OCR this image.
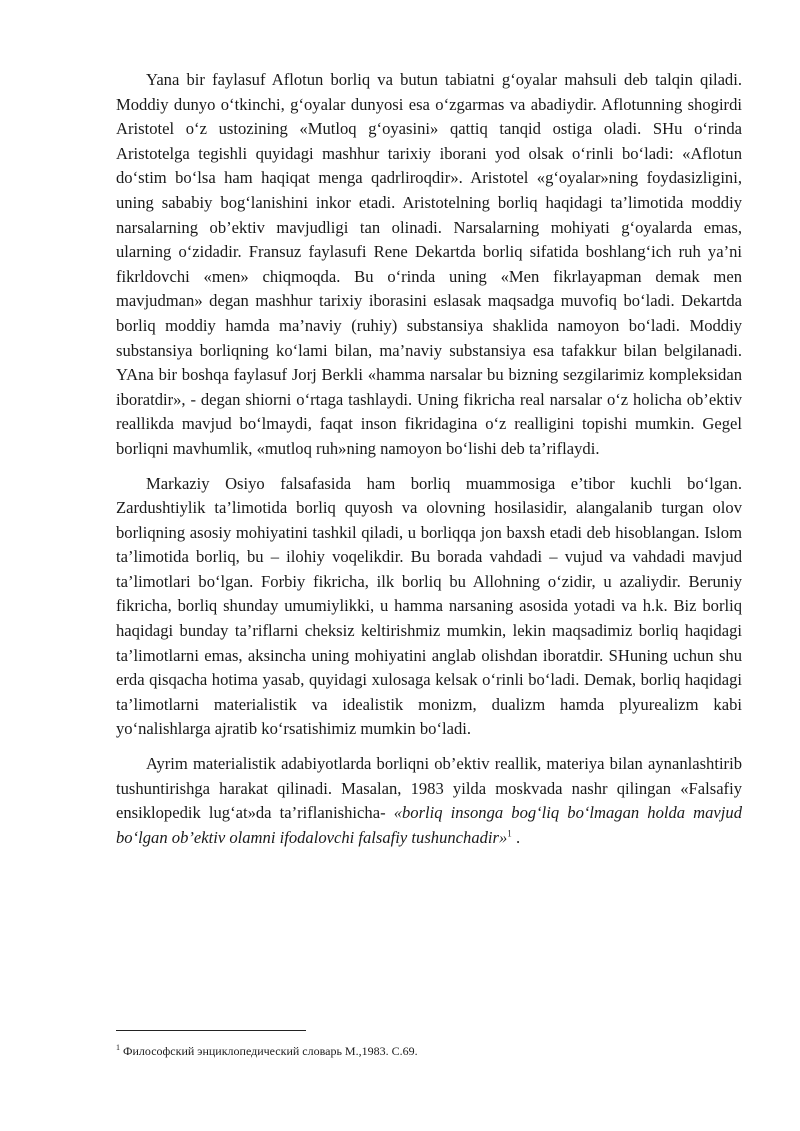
Yana bir faylasuf Aflotun borliq va butun tabiatni g‘oyalar mahsuli deb talqin qiladi. Moddiy dunyo o‘tkinchi, g‘oyalar dunyosi esa o‘zgarmas va abadiydir. Aflotunning shogirdi Aristotel o‘z ustozining «Mutloq g‘oyasini» qattiq tanqid ostiga oladi. SHu o‘rinda Aristotelga tegishli quyidagi mashhur tarixiy iborani yod olsak o‘rinli bo‘ladi: «Aflotun do‘stim bo‘lsa ham haqiqat menga qadrliroqdir». Aristotel «g‘oyalar»ning foydasizligini, uning sababiy bog‘lanishini inkor etadi. Aristotelning borliq haqidagi ta’limotida moddiy narsalarning ob’ektiv mavjudligi tan olinadi. Narsalarning mohiyati g‘oyalarda emas, ularning o‘zidadir. Fransuz faylasufi Rene Dekartda borliq sifatida boshlang‘ich ruh ya’ni fikrldovchi «men» chiqmoqda. Bu o‘rinda uning «Men fikrlayapman demak men mavjudman» degan mashhur tarixiy iborasini eslasak maqsadga muvofiq bo‘ladi. Dekartda borliq moddiy hamda ma’naviy (ruhiy) substansiya shaklida namoyon bo‘ladi. Moddiy substansiya borliqning ko‘lami bilan, ma’naviy substansiya esa tafakkur bilan belgilanadi. YAna bir boshqa faylasuf Jorj Berkli «hamma narsalar bu bizning sezgilarimiz kompleksidan iboratdir», - degan shiorni o‘rtaga tashlaydi. Uning fikricha real narsalar o‘z holicha ob’ektiv reallikda mavjud bo‘lmaydi, faqat inson fikridagina o‘z realligini topishi mumkin. Gegel borliqni mavhumlik, «mutloq ruh»ning namoyon bo‘lishi deb ta’riflaydi.

Markaziy Osiyo falsafasida ham borliq muammosiga e’tibor kuchli bo‘lgan. Zardushtiylik ta’limotida borliq quyosh va olovning hosilasidir, alangalanib turgan olov borliqning asosiy mohiyatini tashkil qiladi, u borliqqa jon baxsh etadi deb hisoblangan. Islom ta’limotida borliq, bu – ilohiy voqelikdir. Bu borada vahdadi – vujud va vahdadi mavjud ta’limotlari bo‘lgan. Forbiy fikricha, ilk borliq bu Allohning o‘zidir, u azaliydir. Beruniy fikricha, borliq shunday umumiylikki, u hamma narsaning asosida yotadi va h.k. Biz borliq haqidagi bunday ta’riflarni cheksiz keltirishmiz mumkin, lekin maqsadimiz borliq haqidagi ta’limotlarni emas, aksincha uning mohiyatini anglab olishdan iboratdir. SHuning uchun shu erda qisqacha hotima yasab, quyidagi xulosaga kelsak o‘rinli bo‘ladi. Demak, borliq haqidagi ta’limotlarni materialistik va idealistik monizm, dualizm hamda plyurealizm kabi yo‘nalishlarga ajratib ko‘rsatishimiz mumkin bo‘ladi.

Ayrim materialistik adabiyotlarda borliqni ob’ektiv reallik, materiya bilan aynanlashtirib tushuntirishga harakat qilinadi. Masalan, 1983 yilda moskvada nashr qilingan «Falsafiy ensiklopedik lug‘at»da ta’riflanishicha- «borliq insonga bog‘liq bo‘lmagan holda mavjud bo‘lgan ob’ektiv olamni ifodalovchi falsafiy tushunchadir»$^1$ .

$^1$ Философский энциклопедический словарь М.,1983. С.69.
